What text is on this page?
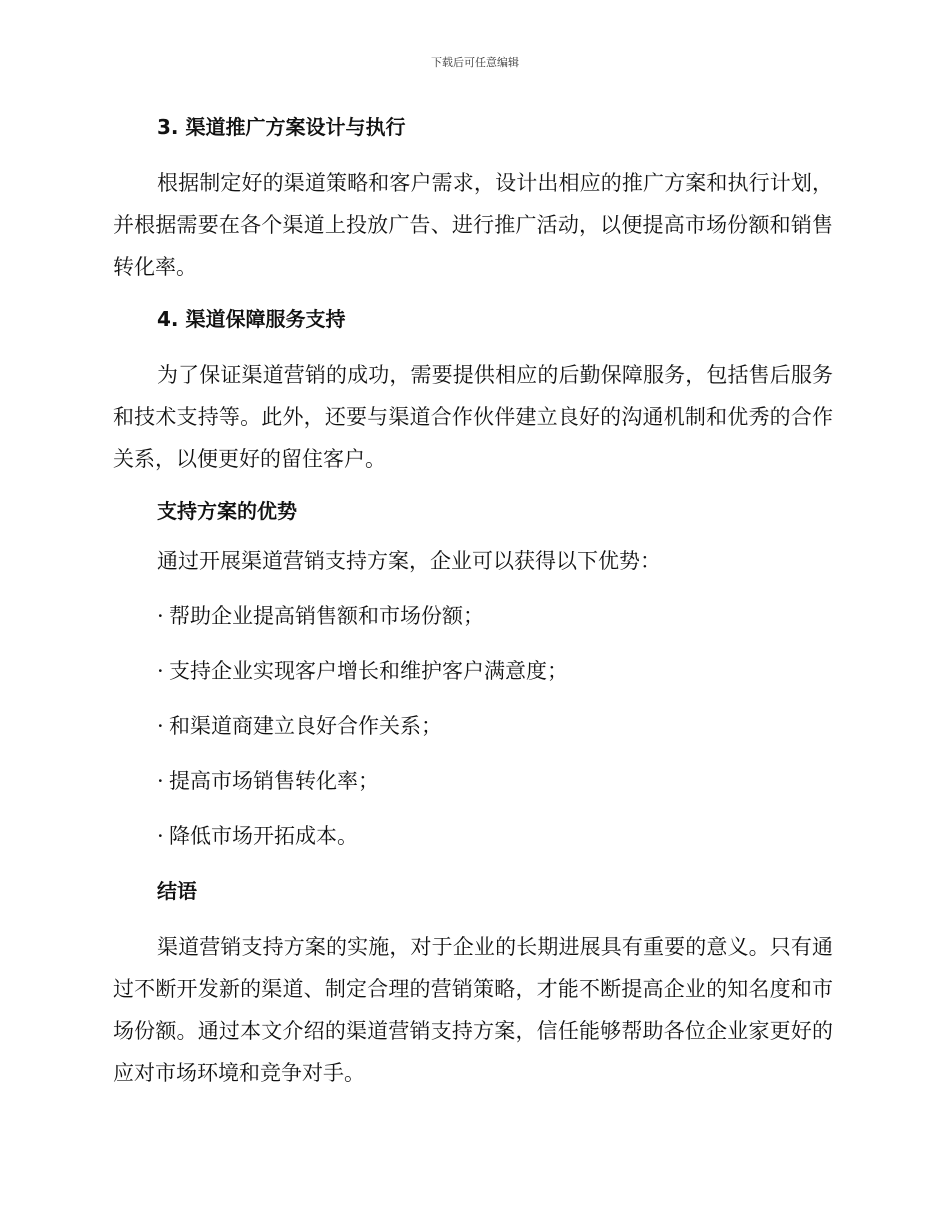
下载后可任意编辑
3. 渠道推广方案设计与执行

根据制定好的渠道策略和客户需求，设计出相应的推广方案和执行计划，并根据需要在各个渠道上投放广告、进行推广活动，以便提高市场份额和销售转化率。

4. 渠道保障服务支持

为了保证渠道营销的成功，需要提供相应的后勤保障服务，包括售后服务和技术支持等。此外，还要与渠道合作伙伴建立良好的沟通机制和优秀的合作关系，以便更好的留住客户。

支持方案的优势

通过开展渠道营销支持方案，企业可以获得以下优势：

· 帮助企业提高销售额和市场份额；
· 支持企业实现客户增长和维护客户满意度；
· 和渠道商建立良好合作关系；
· 提高市场销售转化率；
· 降低市场开拓成本。
结语

渠道营销支持方案的实施，对于企业的长期进展具有重要的意义。只有通过不断开发新的渠道、制定合理的营销策略，才能不断提高企业的知名度和市场份额。通过本文介绍的渠道营销支持方案，信任能够帮助各位企业家更好的应对市场环境和竞争对手。
